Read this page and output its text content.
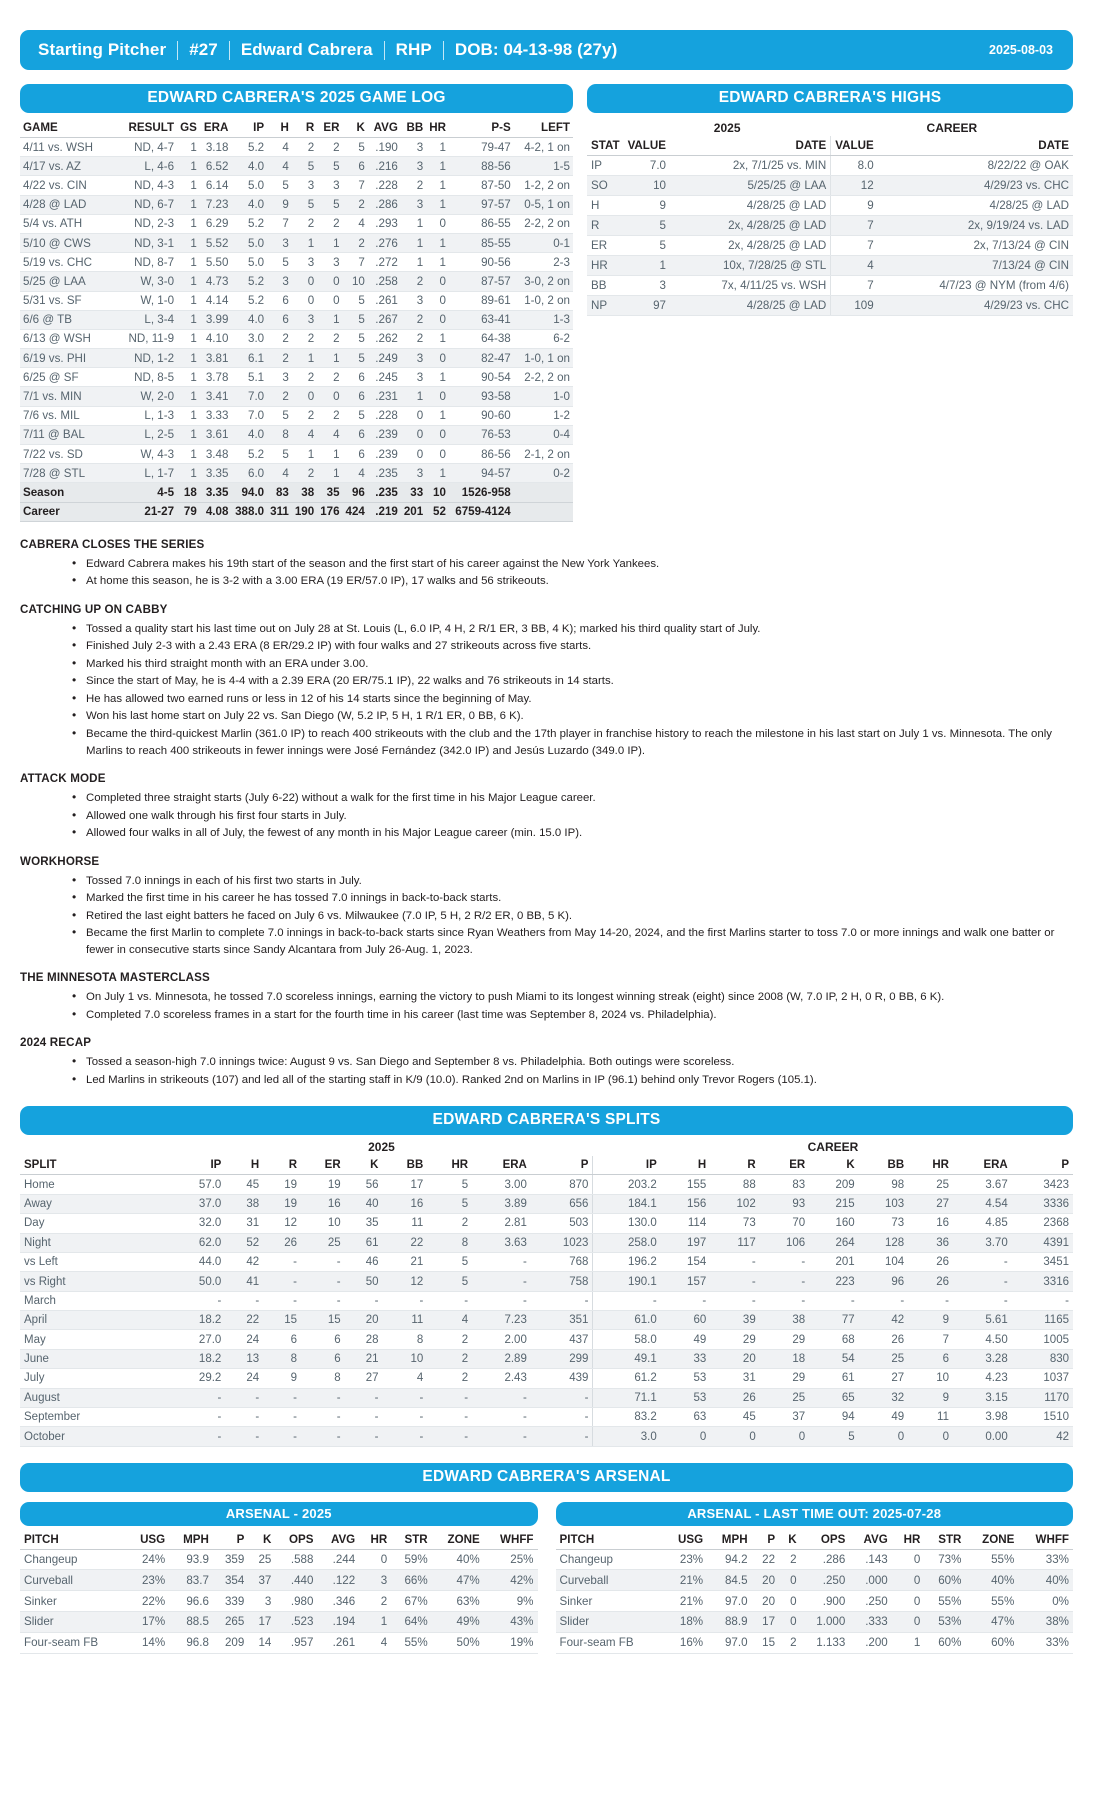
Starting Pitcher	#27	Edward Cabrera	RHP	DOB: 04-13-98 (27y)	2025-08-03
EDWARD CABRERA'S 2025 GAME LOG
GAME	RESULT	GS	ERA	IP	H	R	ER	K	AVG	BB	HR	P-S	LEFT
4/11 vs. WSH	ND, 4-7	1	3.18	5.2	4	2	2	5	.190	3	1	79-47	4-2, 1 on
4/17 vs. AZ	L, 4-6	1	6.52	4.0	4	5	5	6	.216	3	1	88-56	1-5
4/22 vs. CIN	ND, 4-3	1	6.14	5.0	5	3	3	7	.228	2	1	87-50	1-2, 2 on
4/28 @ LAD	ND, 6-7	1	7.23	4.0	9	5	5	2	.286	3	1	97-57	0-5, 1 on
5/4 vs. ATH	ND, 2-3	1	6.29	5.2	7	2	2	4	.293	1	0	86-55	2-2, 2 on
5/10 @ CWS	ND, 3-1	1	5.52	5.0	3	1	1	2	.276	1	1	85-55	0-1
5/19 vs. CHC	ND, 8-7	1	5.50	5.0	5	3	3	7	.272	1	1	90-56	2-3
5/25 @ LAA	W, 3-0	1	4.73	5.2	3	0	0	10	.258	2	0	87-57	3-0, 2 on
5/31 vs. SF	W, 1-0	1	4.14	5.2	6	0	0	5	.261	3	0	89-61	1-0, 2 on
6/6 @ TB	L, 3-4	1	3.99	4.0	6	3	1	5	.267	2	0	63-41	1-3
6/13 @ WSH	ND, 11-9	1	4.10	3.0	2	2	2	5	.262	2	1	64-38	6-2
6/19 vs. PHI	ND, 1-2	1	3.81	6.1	2	1	1	5	.249	3	0	82-47	1-0, 1 on
6/25 @ SF	ND, 8-5	1	3.78	5.1	3	2	2	6	.245	3	1	90-54	2-2, 2 on
7/1 vs. MIN	W, 2-0	1	3.41	7.0	2	0	0	6	.231	1	0	93-58	1-0
7/6 vs. MIL	L, 1-3	1	3.33	7.0	5	2	2	5	.228	0	1	90-60	1-2
7/11 @ BAL	L, 2-5	1	3.61	4.0	8	4	4	6	.239	0	0	76-53	0-4
7/22 vs. SD	W, 4-3	1	3.48	5.2	5	1	1	6	.239	0	0	86-56	2-1, 2 on
7/28 @ STL	L, 1-7	1	3.35	6.0	4	2	1	4	.235	3	1	94-57	0-2
Season	4-5	18	3.35	94.0	83	38	35	96	.235	33	10	1526-958	
Career	21-27	79	4.08	388.0	311	190	176	424	.219	201	52	6759-4124	
EDWARD CABRERA'S HIGHS
	2025		CAREER	
STAT	VALUE	DATE	VALUE	DATE
IP	7.0	2x, 7/1/25 vs. MIN	8.0	8/22/22 @ OAK
SO	10	5/25/25 @ LAA	12	4/29/23 vs. CHC
H	9	4/28/25 @ LAD	9	4/28/25 @ LAD
R	5	2x, 4/28/25 @ LAD	7	2x, 9/19/24 vs. LAD
ER	5	2x, 4/28/25 @ LAD	7	2x, 7/13/24 @ CIN
HR	1	10x, 7/28/25 @ STL	4	7/13/24 @ CIN
BB	3	7x, 4/11/25 vs. WSH	7	4/7/23 @ NYM (from 4/6)
NP	97	4/28/25 @ LAD	109	4/29/23 vs. CHC
CABRERA CLOSES THE SERIES
• Edward Cabrera makes his 19th start of the season and the first start of his career against the New York Yankees.
• At home this season, he is 3-2 with a 3.00 ERA (19 ER/57.0 IP), 17 walks and 56 strikeouts.
CATCHING UP ON CABBY
• Tossed a quality start his last time out on July 28 at St. Louis (L, 6.0 IP, 4 H, 2 R/1 ER, 3 BB, 4 K); marked his third quality start of July.
• Finished July 2-3 with a 2.43 ERA (8 ER/29.2 IP) with four walks and 27 strikeouts across five starts.
• Marked his third straight month with an ERA under 3.00.
• Since the start of May, he is 4-4 with a 2.39 ERA (20 ER/75.1 IP), 22 walks and 76 strikeouts in 14 starts.
• He has allowed two earned runs or less in 12 of his 14 starts since the beginning of May.
• Won his last home start on July 22 vs. San Diego (W, 5.2 IP, 5 H, 1 R/1 ER, 0 BB, 6 K).
• Became the third-quickest Marlin (361.0 IP) to reach 400 strikeouts with the club and the 17th player in franchise history to reach the milestone in his last start on July 1 vs. Minnesota. The only Marlins to reach 400 strikeouts in fewer innings were José Fernández (342.0 IP) and Jesús Luzardo (349.0 IP).
ATTACK MODE
• Completed three straight starts (July 6-22) without a walk for the first time in his Major League career.
• Allowed one walk through his first four starts in July.
• Allowed four walks in all of July, the fewest of any month in his Major League career (min. 15.0 IP).
WORKHORSE
• Tossed 7.0 innings in each of his first two starts in July.
• Marked the first time in his career he has tossed 7.0 innings in back-to-back starts.
• Retired the last eight batters he faced on July 6 vs. Milwaukee (7.0 IP, 5 H, 2 R/2 ER, 0 BB, 5 K).
• Became the first Marlin to complete 7.0 innings in back-to-back starts since Ryan Weathers from May 14-20, 2024, and the first Marlins starter to toss 7.0 or more innings and walk one batter or fewer in consecutive starts since Sandy Alcantara from July 26-Aug. 1, 2023.
THE MINNESOTA MASTERCLASS
• On July 1 vs. Minnesota, he tossed 7.0 scoreless innings, earning the victory to push Miami to its longest winning streak (eight) since 2008 (W, 7.0 IP, 2 H, 0 R, 0 BB, 6 K).
• Completed 7.0 scoreless frames in a start for the fourth time in his career (last time was September 8, 2024 vs. Philadelphia).
2024 RECAP
• Tossed a season-high 7.0 innings twice: August 9 vs. San Diego and September 8 vs. Philadelphia. Both outings were scoreless.
• Led Marlins in strikeouts (107) and led all of the starting staff in K/9 (10.0). Ranked 2nd on Marlins in IP (96.1) behind only Trevor Rogers (105.1).
EDWARD CABRERA'S SPLITS
	2025									CAREER								
SPLIT	IP	H	R	ER	K	BB	HR	ERA	P	IP	H	R	ER	K	BB	HR	ERA	P
Home	57.0	45	19	19	56	17	5	3.00	870	203.2	155	88	83	209	98	25	3.67	3423
Away	37.0	38	19	16	40	16	5	3.89	656	184.1	156	102	93	215	103	27	4.54	3336
Day	32.0	31	12	10	35	11	2	2.81	503	130.0	114	73	70	160	73	16	4.85	2368
Night	62.0	52	26	25	61	22	8	3.63	1023	258.0	197	117	106	264	128	36	3.70	4391
vs Left	44.0	42	-	-	46	21	5	-	768	196.2	154	-	-	201	104	26	-	3451
vs Right	50.0	41	-	-	50	12	5	-	758	190.1	157	-	-	223	96	26	-	3316
March	-	-	-	-	-	-	-	-	-	-	-	-	-	-	-	-	-	-
April	18.2	22	15	15	20	11	4	7.23	351	61.0	60	39	38	77	42	9	5.61	1165
May	27.0	24	6	6	28	8	2	2.00	437	58.0	49	29	29	68	26	7	4.50	1005
June	18.2	13	8	6	21	10	2	2.89	299	49.1	33	20	18	54	25	6	3.28	830
July	29.2	24	9	8	27	4	2	2.43	439	61.2	53	31	29	61	27	10	4.23	1037
August	-	-	-	-	-	-	-	-	-	71.1	53	26	25	65	32	9	3.15	1170
September	-	-	-	-	-	-	-	-	-	83.2	63	45	37	94	49	11	3.98	1510
October	-	-	-	-	-	-	-	-	-	3.0	0	0	0	5	0	0	0.00	42
EDWARD CABRERA'S ARSENAL
ARSENAL - 2025
PITCH	USG	MPH	P	K	OPS	AVG	HR	STR	ZONE	WHFF
Changeup	24%	93.9	359	25	.588	.244	0	59%	40%	25%
Curveball	23%	83.7	354	37	.440	.122	3	66%	47%	42%
Sinker	22%	96.6	339	3	.980	.346	2	67%	63%	9%
Slider	17%	88.5	265	17	.523	.194	1	64%	49%	43%
Four-seam FB	14%	96.8	209	14	.957	.261	4	55%	50%	19%
ARSENAL - LAST TIME OUT: 2025-07-28
PITCH	USG	MPH	P	K	OPS	AVG	HR	STR	ZONE	WHFF
Changeup	23%	94.2	22	2	.286	.143	0	73%	55%	33%
Curveball	21%	84.5	20	0	.250	.000	0	60%	40%	40%
Sinker	21%	97.0	20	0	.900	.250	0	55%	55%	0%
Slider	18%	88.9	17	0	1.000	.333	0	53%	47%	38%
Four-seam FB	16%	97.0	15	2	1.133	.200	1	60%	60%	33%
